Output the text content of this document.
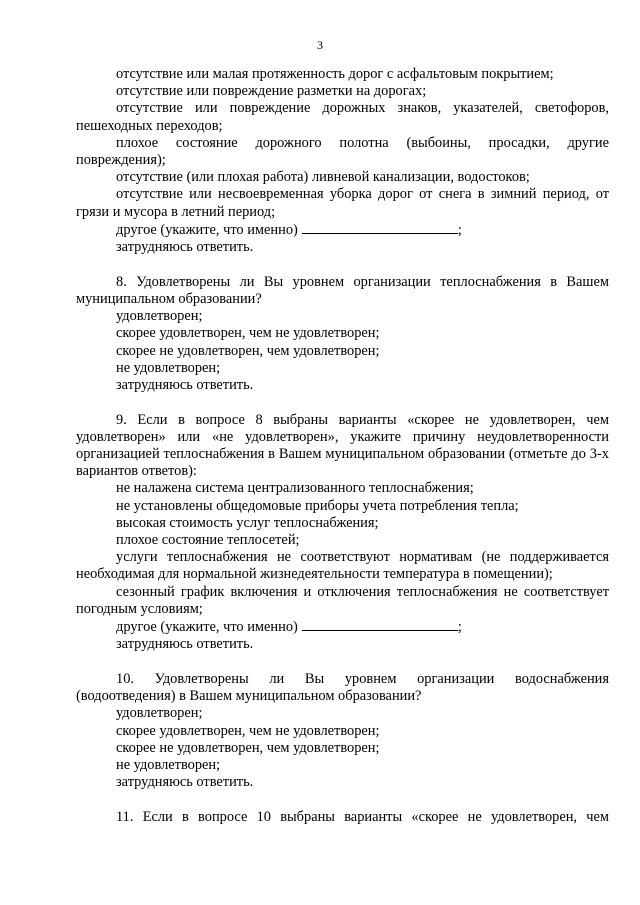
3

отсутствие или малая протяженность дорог с асфальтовым покрытием;

отсутствие или повреждение разметки на дорогах;

отсутствие или повреждение дорожных знаков, указателей, светофоров, пешеходных переходов;

плохое состояние дорожного полотна (выбоины, просадки, другие повреждения);

отсутствие (или плохая работа) ливневой канализации, водостоков;

отсутствие или несвоевременная уборка дорог от снега в зимний период, от грязи и мусора в летний период;

другое (укажите, что именно)	;

затрудняюсь ответить.

8. Удовлетворены ли Вы уровнем организации теплоснабжения в Вашем муниципальном образовании?

удовлетворен;

скорее удовлетворен, чем не удовлетворен;

скорее не удовлетворен, чем удовлетворен;

не удовлетворен;

затрудняюсь ответить.

9. Если в вопросе 8 выбраны варианты «скорее не удовлетворен, чем удовлетворен» или «не удовлетворен», укажите причину неудовлетворенности организацией теплоснабжения в Вашем муниципальном образовании (отметьте до 3-х вариантов ответов):

не налажена система централизованного теплоснабжения;

не установлены общедомовые приборы учета потребления тепла;

высокая стоимость услуг теплоснабжения;

плохое состояние теплосетей;

услуги теплоснабжения не соответствуют нормативам (не поддерживается необходимая для нормальной жизнедеятельности температура в помещении);

сезонный график включения и отключения теплоснабжения не соответствует погодным условиям;

другое (укажите, что именно)	;

затрудняюсь ответить.

10. Удовлетворены ли Вы уровнем организации водоснабжения (водоотведения) в Вашем муниципальном образовании?

удовлетворен;

скорее удовлетворен, чем не удовлетворен;

скорее не удовлетворен, чем удовлетворен;

не удовлетворен;

затрудняюсь ответить.

11. Если в вопросе 10 выбраны варианты «скорее не удовлетворен, чем
